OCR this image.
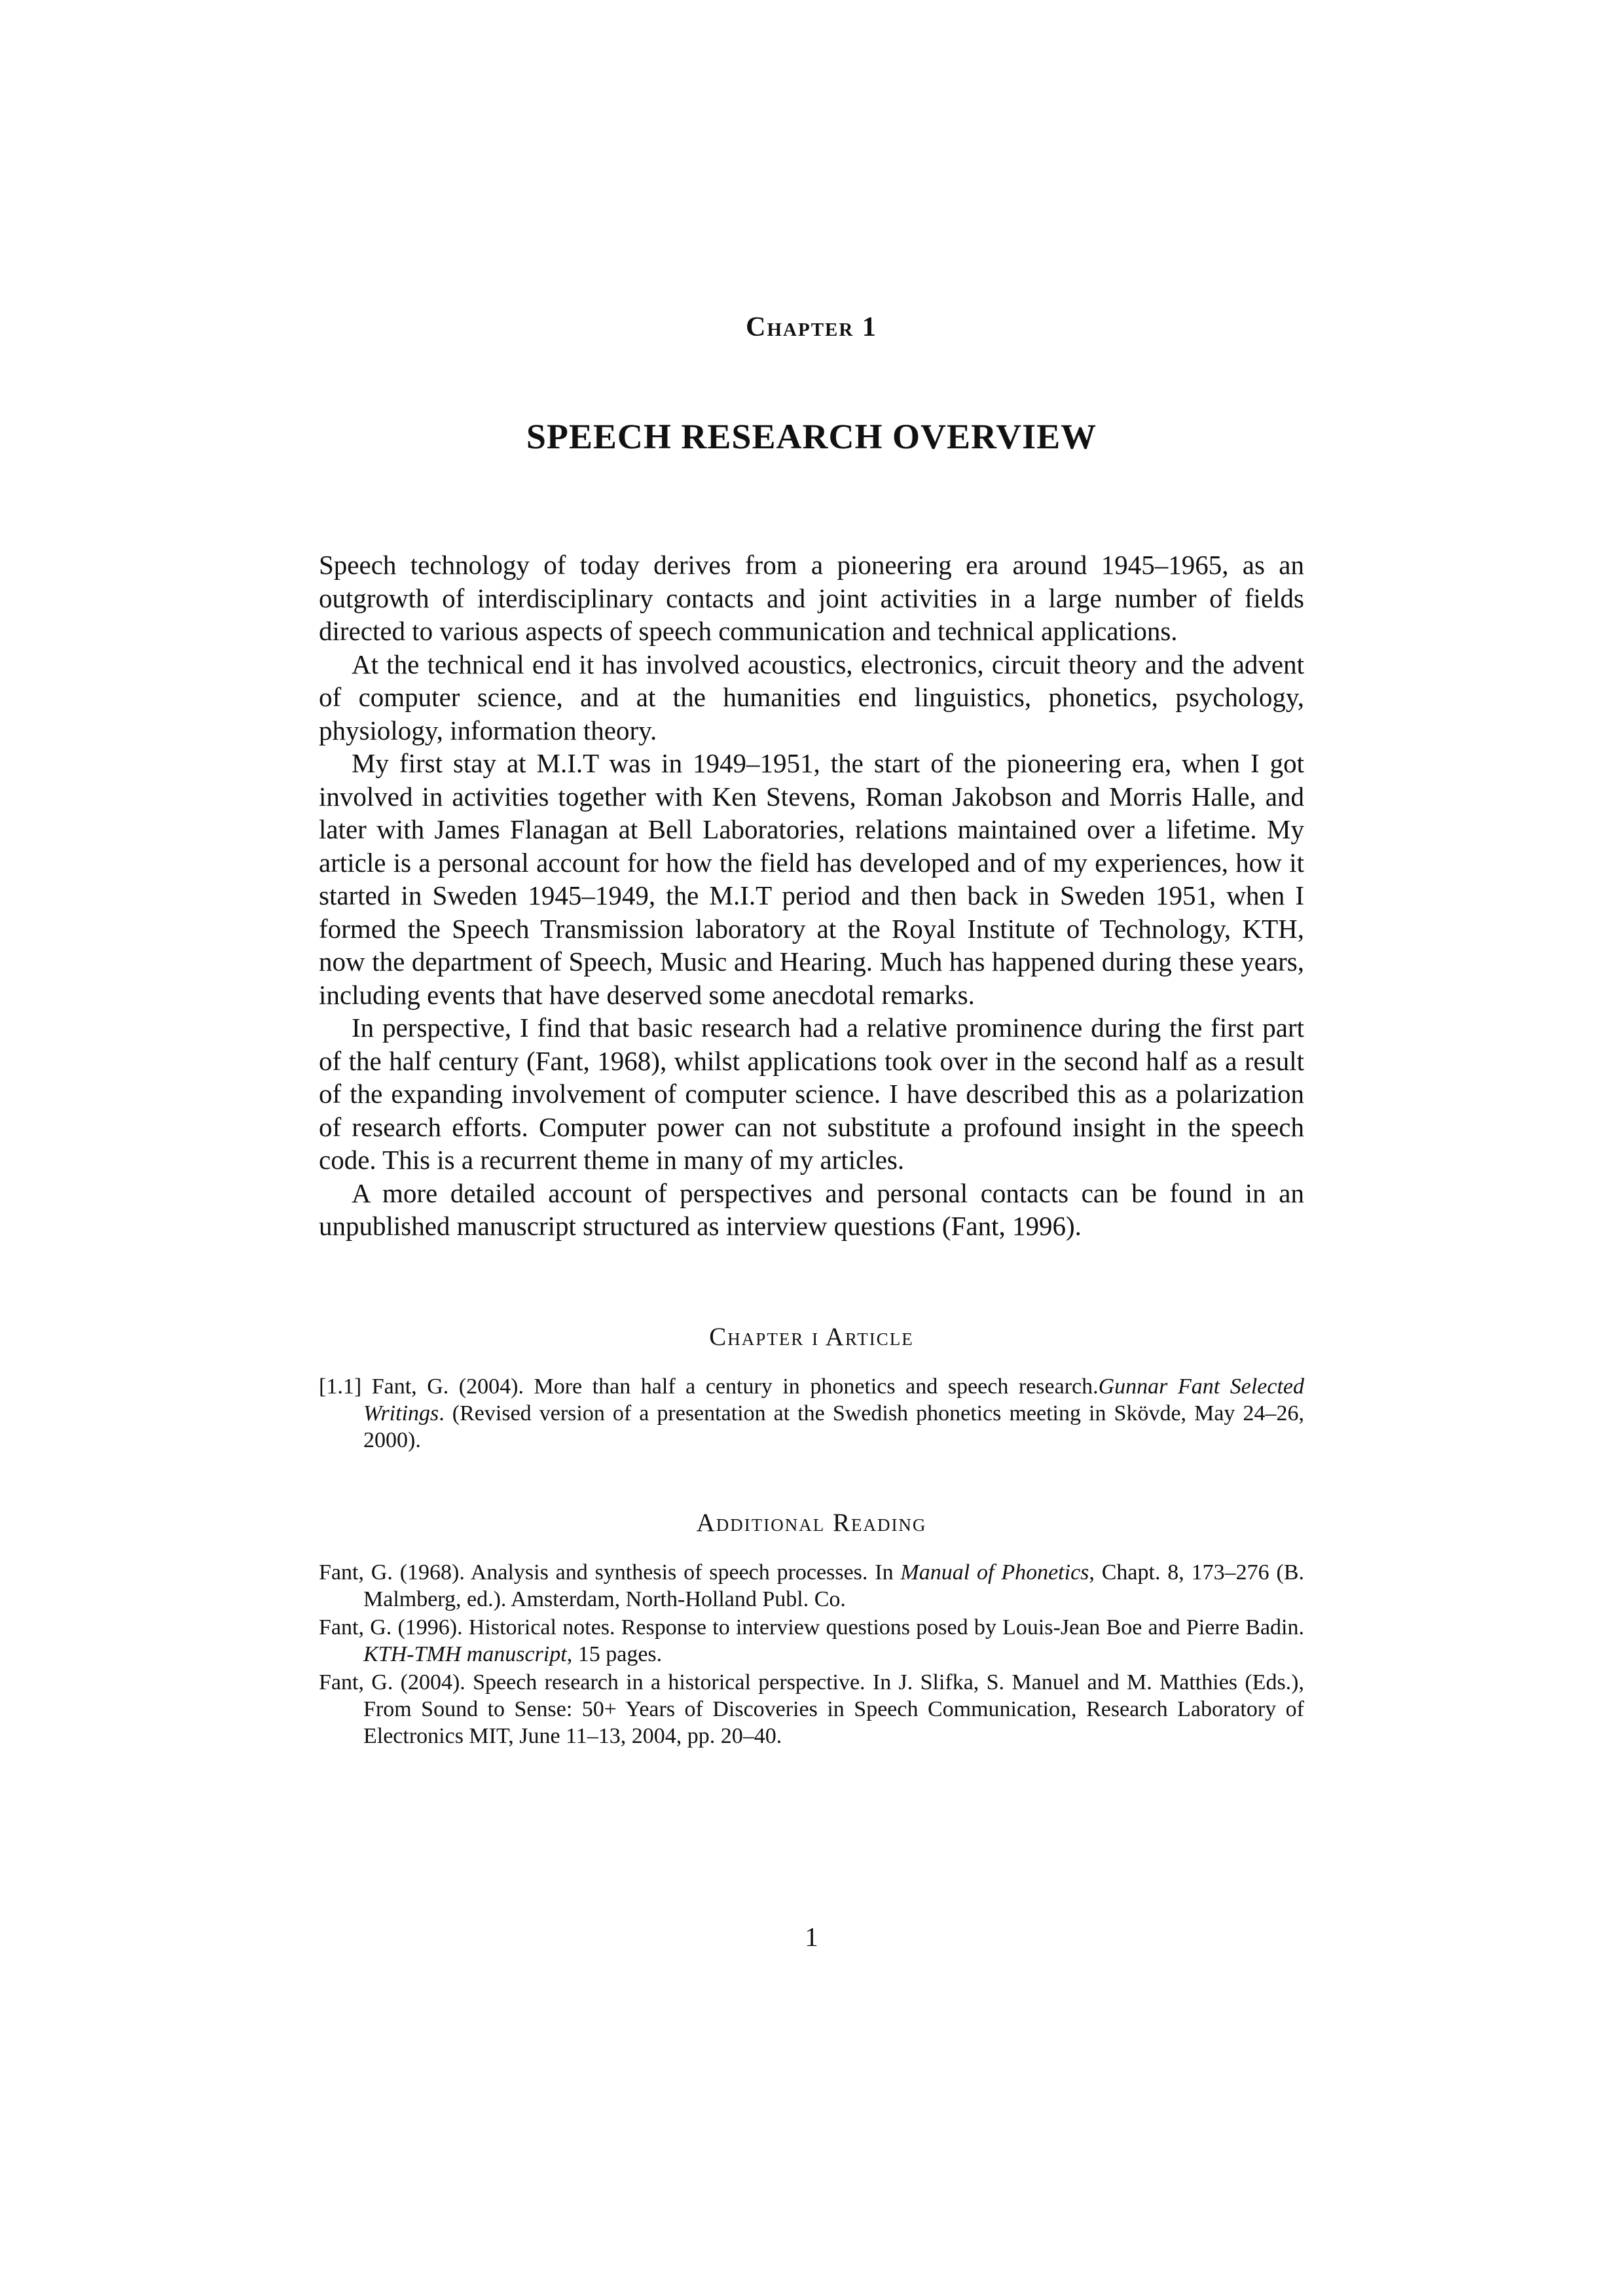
Chapter 1
SPEECH RESEARCH OVERVIEW

Speech technology of today derives from a pioneering era around 1945–1965, as an outgrowth of interdisciplinary contacts and joint activities in a large number of fields directed to various aspects of speech communication and technical applications.

At the technical end it has involved acoustics, electronics, circuit theory and the advent of computer science, and at the humanities end linguistics, phonetics, psychology, physiology, information theory.

My first stay at M.I.T was in 1949–1951, the start of the pioneering era, when I got involved in activities together with Ken Stevens, Roman Jakobson and Morris Halle, and later with James Flanagan at Bell Laboratories, relations maintained over a lifetime. My article is a personal account for how the field has developed and of my experiences, how it started in Sweden 1945–1949, the M.I.T period and then back in Sweden 1951, when I formed the Speech Transmission laboratory at the Royal Institute of Technology, KTH, now the department of Speech, Music and Hearing. Much has happened during these years, including events that have deserved some anecdotal remarks.

In perspective, I find that basic research had a relative prominence during the first part of the half century (Fant, 1968), whilst applications took over in the second half as a result of the expanding involvement of computer science. I have described this as a polarization of research efforts. Computer power can not substitute a profound insight in the speech code. This is a recurrent theme in many of my articles.

A more detailed account of perspectives and personal contacts can be found in an unpublished manuscript structured as interview questions (Fant, 1996).

Chapter i Article

[1.1] Fant, G. (2004). More than half a century in phonetics and speech research.Gunnar Fant Selected Writings. (Revised version of a presentation at the Swedish phonetics meeting in Skövde, May 24–26, 2000).

Additional Reading

Fant, G. (1968). Analysis and synthesis of speech processes. In Manual of Phonetics, Chapt. 8, 173–276 (B. Malmberg, ed.). Amsterdam, North-Holland Publ. Co.

Fant, G. (1996). Historical notes. Response to interview questions posed by Louis-Jean Boe and Pierre Badin. KTH-TMH manuscript, 15 pages.

Fant, G. (2004). Speech research in a historical perspective. In J. Slifka, S. Manuel and M. Matthies (Eds.), From Sound to Sense: 50+ Years of Discoveries in Speech Communication, Research Laboratory of Electronics MIT, June 11–13, 2004, pp. 20–40.

1
